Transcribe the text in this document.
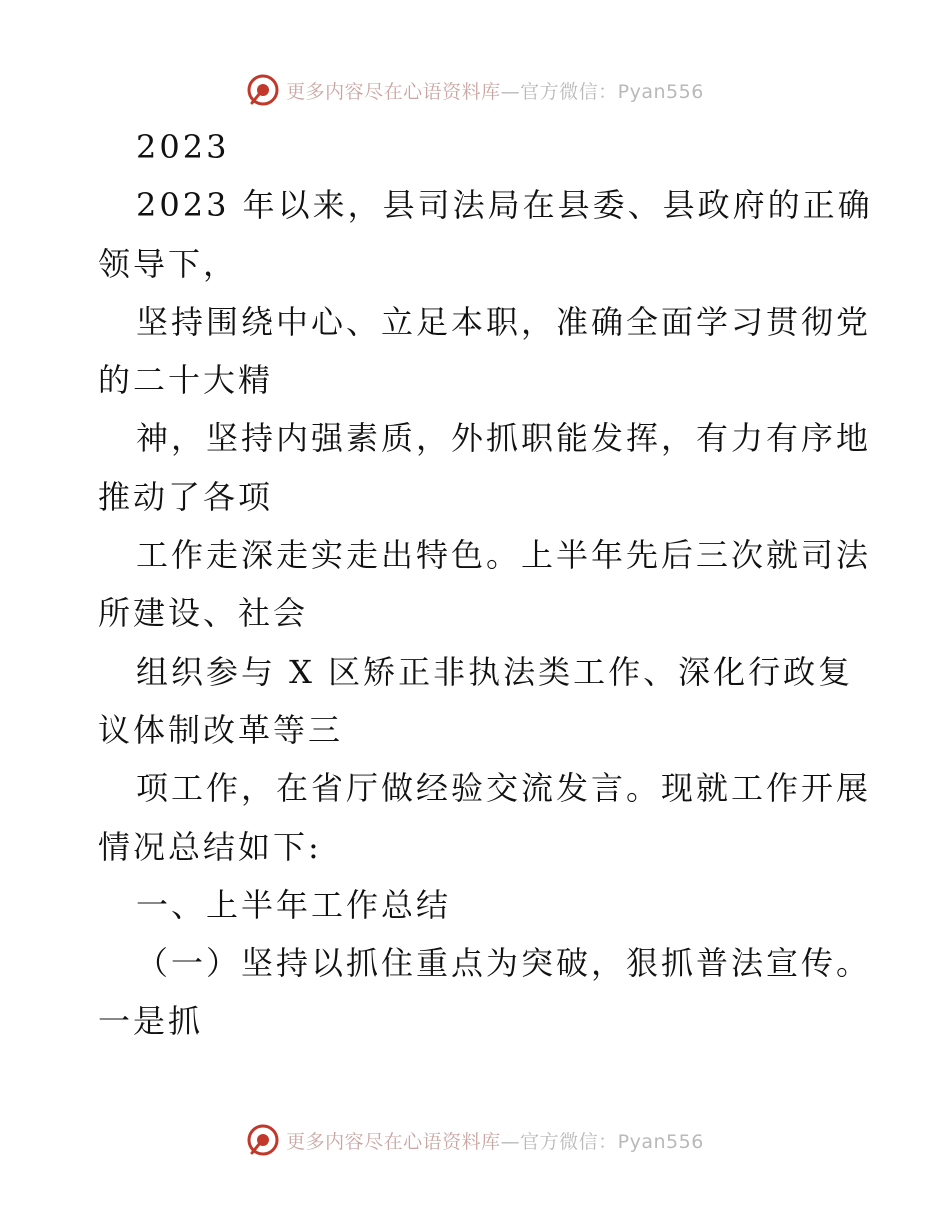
更多内容尽在心语资料库—官方微信：Pyan556
2023
2023 年以来，县司法局在县委、县政府的正确
领导下，
坚持围绕中心、立足本职，准确全面学习贯彻党
的二十大精
神，坚持内强素质，外抓职能发挥，有力有序地
推动了各项
工作走深走实走出特色。上半年先后三次就司法
所建设、社会
组织参与 X 区矫正非执法类工作、深化行政复
议体制改革等三
项工作，在省厅做经验交流发言。现就工作开展
情况总结如下:
一、上半年工作总结
（一）坚持以抓住重点为突破，狠抓普法宣传。
一是抓
更多内容尽在心语资料库—官方微信：Pyan556
